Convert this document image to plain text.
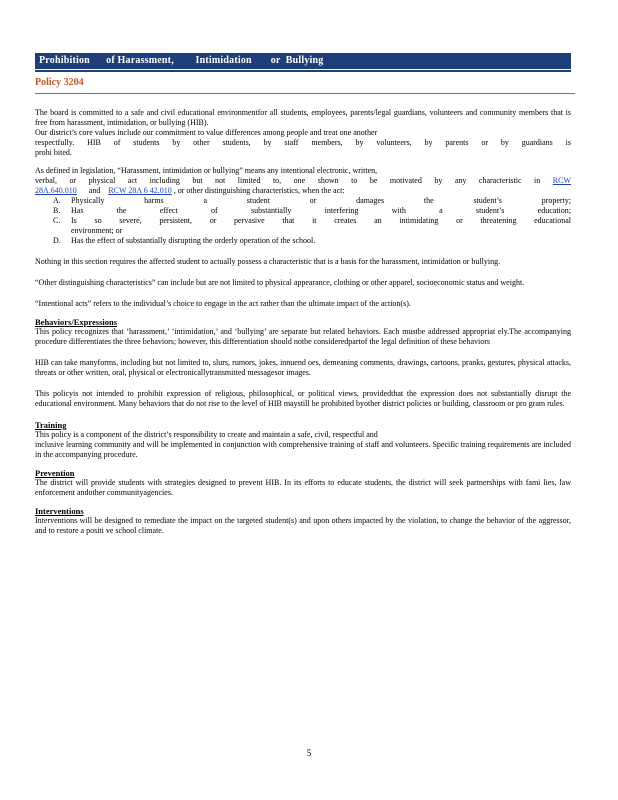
Prohibition      of Harassment,        Intimidation       or  Bullying
Policy 3204

The board is committed to a safe and civil educational environmentfor all students, employees, parents/legal guardians, volunteers and community members that is free from harassment, intimidation, or bullying (HIB).

Our district’s core values include our commitment to value differences among people and treat one another

respectfully. HIB of students by other students, by staff members, by volunteers, by parents or by guardians is

prohi bited.

As defined in legislation, “Harassment, intimidation or bullying” means any intentional electronic, written,

verbal, or physical act including but not limited to, one shown to be motivated by any characteristic in RCW

28A.640.010 and RCW 28A 6 42.010 , or other distinguishing characteristics, when the act:

A. Physically harms a student or damages the student’s property;
B. Has the effect of substantially interfering with a student’s education;
C. Is so severe, persistent, or pervasive that it creates an intimidating or threatening educational
environment; or
D. Has the effect of substantially disrupting the orderly operation of the school.

Nothing in this section requires the affected student to actually possess a characteristic that is a basis for the harassment, intimidation or bullying.

“Other distinguishing characteristics” can include but are not limited to physical appearance, clothing or other apparel, socioeconomic status and weight.

“Intentional acts” refers to the individual’s choice to engage in the act rather than the ultimate impact of the action(s).

Behaviors/Expressions

This policy recognizes that ‘harassment,’ ‘intimidation,’ and ‘bullying’ are separate but related behaviors. Each mustbe addressed appropriat ely.The accompanying procedure differentiates the three behaviors; however, this differentiation should notbe consideredpartof the legal definition of these behaviors

HIB can take manyforms, including but not limited to, slurs, rumors, jokes, innuend oes, demeaning comments, drawings, cartoons, pranks, gestures, physical attacks, threats or other written, oral, physical or electronicallytransmitted messagesor images.

This policyis not intended to prohibit expression of religious, philosophical, or political views, providedthat the expression does not substantially disrupt the educational environment. Many behaviors that do not rise to the level of HIB maystill be prohibited byother district policies or building, classroom or pro gram rules.

Training

This policy is a component of the district’s responsibility to create and maintain a safe, civil, respectful and

inclusive learning community and will be implemented in conjunction with comprehensive training of staff and volunteers. Specific training requirements are included in the accompanying procedure.

Prevention

The district will provide students with strategies designed to prevent HIB. In its efforts to educate students, the district will seek partnerships with fami lies, law enforcement andother communityagencies.

Interventions

Interventions will be designed to remediate the impact on the targeted student(s) and upon others impacted by the violation, to change the behavior of the aggressor, and to restore a positi ve school climate.

5
